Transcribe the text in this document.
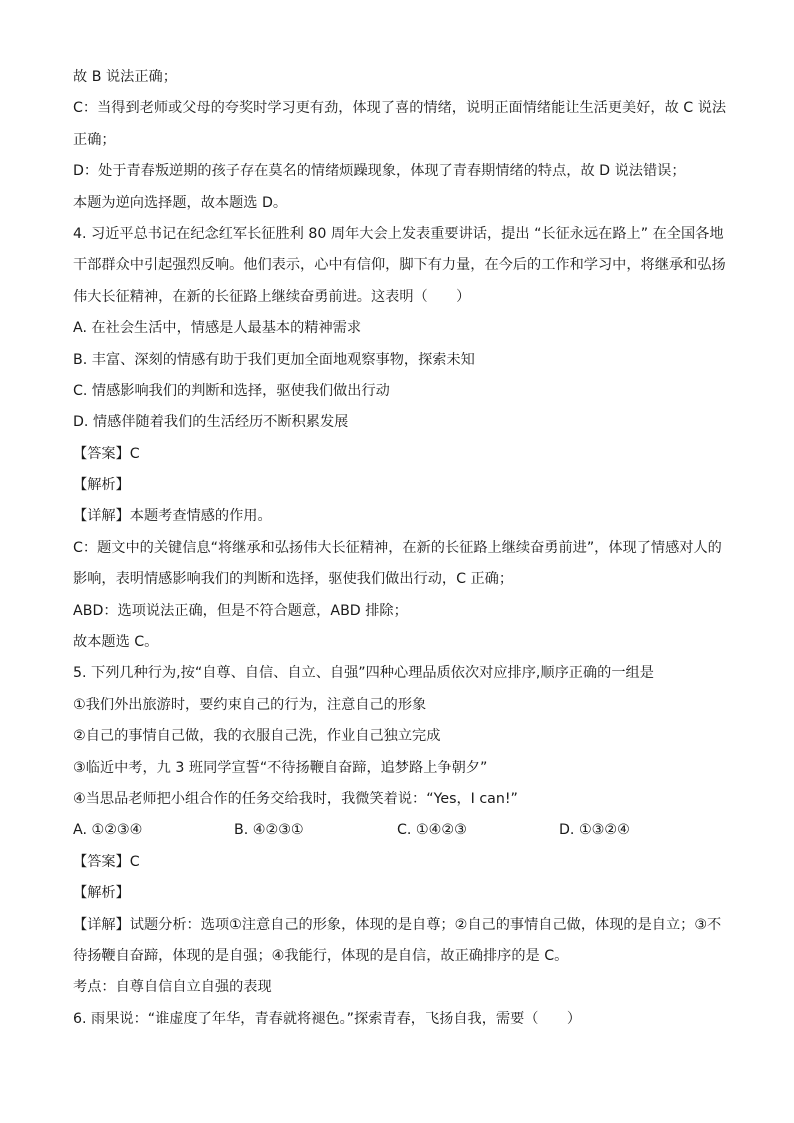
故 B 说法正确；
C：当得到老师或父母的夸奖时学习更有劲，体现了喜的情绪，说明正面情绪能让生活更美好，故 C 说法
正确；
D：处于青春叛逆期的孩子存在莫名的情绪烦躁现象，体现了青春期情绪的特点，故 D 说法错误；
本题为逆向选择题，故本题选 D。
4. 习近平总书记在纪念红军长征胜利 80 周年大会上发表重要讲话，提出 “长征永远在路上” 在全国各地
干部群众中引起强烈反响。他们表示，心中有信仰，脚下有力量，在今后的工作和学习中，将继承和弘扬
伟大长征精神，在新的长征路上继续奋勇前进。这表明（　　）
A. 在社会生活中，情感是人最基本的精神需求
B. 丰富、深刻的情感有助于我们更加全面地观察事物，探索未知
C. 情感影响我们的判断和选择，驱使我们做出行动
D. 情感伴随着我们的生活经历不断积累发展
【答案】C
【解析】
【详解】本题考查情感的作用。
C：题文中的关键信息“将继承和弘扬伟大长征精神，在新的长征路上继续奋勇前进”，体现了情感对人的
影响，表明情感影响我们的判断和选择，驱使我们做出行动，C 正确；
ABD：选项说法正确，但是不符合题意，ABD 排除；
故本题选 C。
5. 下列几种行为,按“自尊、自信、自立、自强”四种心理品质依次对应排序,顺序正确的一组是
①我们外出旅游时，要约束自己的行为，注意自己的形象
②自己的事情自己做，我的衣服自己洗，作业自己独立完成
③临近中考，九 3 班同学宣誓“不待扬鞭自奋蹄，追梦路上争朝夕”
④当思品老师把小组合作的任务交给我时，我微笑着说：“Yes，I can!”
A. ①②③④	B. ④②③①	C. ①④②③	D. ①③②④
【答案】C
【解析】
【详解】试题分析：选项①注意自己的形象，体现的是自尊；②自己的事情自己做，体现的是自立；③不
待扬鞭自奋蹄，体现的是自强；④我能行，体现的是自信，故正确排序的是 C。
考点：自尊自信自立自强的表现
6. 雨果说：“谁虚度了年华，青春就将褪色。”探索青春，飞扬自我，需要（　　）
